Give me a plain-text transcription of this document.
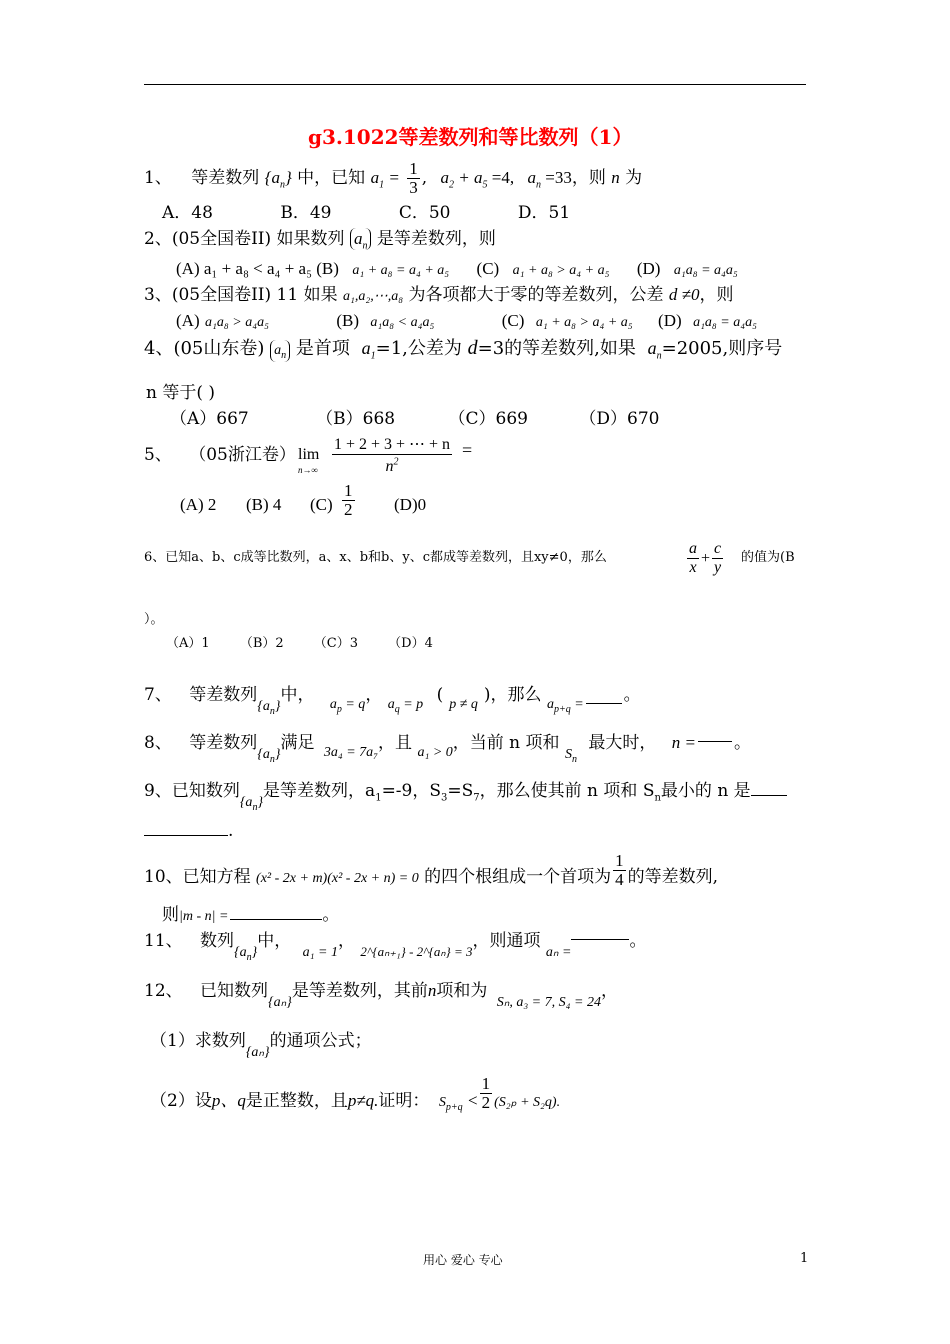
g3.1022等差数列和等比数列（1）
1、 等差数列 $\{a_n\}$ 中，已知 $a_1 = \frac{1}{3}$ , $a_2 + a_5 =4$, $a_n =33$，则 n 为
A．48	B．49	C．50	D．51
2、(05全国卷II) 如果数列 $a_n$ 是等差数列，则
(A) a₁ + a₈ < a₄ + a₅ (B) a₁ + a₈ = a₄ + a₅ (C) a₁ + a₈ > a₄ + a₅ (D) a₁a₈ = a₄a₅
3、(05全国卷II) 11 如果 a₁,a₂,⋯,a₈ 为各项都大于零的等差数列，公差 d ≠0，则
(A) a₁a₈ > a₄a₅	(B) a₁a₈ < a₄a₅	(C) a₁ + a₈ > a₄ + a₅ (D) a₁a₈ = a₄a₅
4、(05山东卷) $a_n$ 是首项 $a_1=1$,公差为 d=3的等差数列,如果 $a_n=2005$,则序号
n 等于( )
（A）667	（B）668	（C）669	（D）670
5、 （05浙江卷） lim
n→∞
1 + 2 + 3 + ⋯ + n
$n^2$
=
(A) 2 (B) 4 $(C) \frac{1}{2} (D)0$
6、已知a、b、c成等比数列，a、x、b和b、y、c都成等差数列，且xy≠0，那么	$\frac{a}{x} + \frac{c}{y}$ 的值为(B
）。
（A）1 （B）2 （C）3 （D）4
7、 等差数列$_{\{a_n\}}$中， $_{a_p = q}$， $_{a_q = p}$ ( $_{p \ne q}$ )，那么 $_{a_{p+q} =}$ 。
8、 等差数列$_{\{a_n\}}$满足 $_{3a_4 = 7a_7}$，且 $_{a_1 > 0}$，当前 n 项和 $_{S_n}$ 最大时， n = 。
9、已知数列$_{\{a_n\}}$是等差数列，$a_1=-9$，$S_3=S_7$，那么使其前 n 项和 $S_n$最小的 n 是
.
10、已知方程 (x² - 2x + m)(x² - 2x + n) = 0 的四个根组成一个首项为 $\frac{1}{4}$ 的等差数列,
则|m - n| =	。
11、 数列$_{\{a_n\}}$中， $_{a_1 = 1}$， $_{2\^{}\{a_{n+1}\} - 2\^{}\{a_n\} = 3}$，则通项 $_{a_n =}$。
12、 已知数列$_{\{a_n\}}$是等差数列，其前n项和为 $_{S_n, a_3 = 7, S_4 = 24}$，
（1）求数列$_{\{a_n\}}$的通项公式；
（2）设p、q是正整数，且p≠q.证明： $S_{p+q} < \frac{1}{2} (S_{2p} + S_2q)$.
用心 爱心 专心	1
